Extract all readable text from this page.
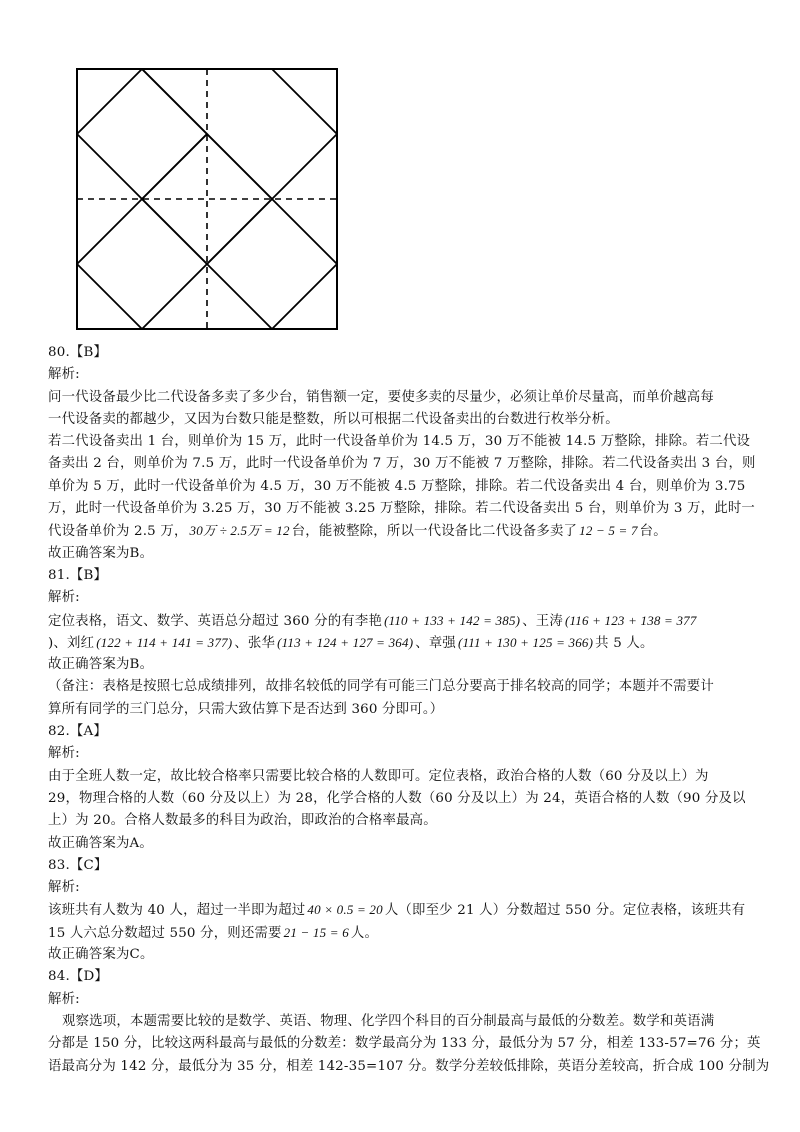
80.【B】
解析:
问一代设备最少比二代设备多卖了多少台，销售额一定，要使多卖的尽量少，必须让单价尽量高，而单价越高每
一代设备卖的都越少，又因为台数只能是整数，所以可根据二代设备卖出的台数进行枚举分析。
若二代设备卖出 1 台，则单价为 15 万，此时一代设备单价为 14.5 万，30 万不能被 14.5 万整除，排除。若二代设
备卖出 2 台，则单价为 7.5 万，此时一代设备单价为 7 万，30 万不能被 7 万整除，排除。若二代设备卖出 3 台，则
单价为 5 万，此时一代设备单价为 4.5 万，30 万不能被 4.5 万整除，排除。若二代设备卖出 4 台，则单价为 3.75
万，此时一代设备单价为 3.25 万，30 万不能被 3.25 万整除，排除。若二代设备卖出 5 台，则单价为 3 万，此时一
代设备单价为 2.5 万， 30万 ÷ 2.5万 = 12 台，能被整除，所以一代设备比二代设备多卖了 12 − 5 = 7 台。
故正确答案为B。
81.【B】
解析:
定位表格，语文、数学、英语总分超过 360 分的有李艳 (110 + 133 + 142 = 385) 、王涛 (116 + 123 + 138 = 377
)、刘红 (122 + 114 + 141 = 377) 、张华 (113 + 124 + 127 = 364) 、章强 (111 + 130 + 125 = 366) 共 5 人。
故正确答案为B。
（备注：表格是按照七总成绩排列，故排名较低的同学有可能三门总分要高于排名较高的同学；本题并不需要计
算所有同学的三门总分，只需大致估算下是否达到 360 分即可。）
82.【A】
解析:
由于全班人数一定，故比较合格率只需要比较合格的人数即可。定位表格，政治合格的人数（60 分及以上）为
29，物理合格的人数（60 分及以上）为 28，化学合格的人数（60 分及以上）为 24，英语合格的人数（90 分及以
上）为 20。合格人数最多的科目为政治，即政治的合格率最高。
故正确答案为A。
83.【C】
解析:
该班共有人数为 40 人，超过一半即为超过 40 × 0.5 = 20 人（即至少 21 人）分数超过 550 分。定位表格，该班共有
15 人六总分数超过 550 分，则还需要 21 − 15 = 6 人。
故正确答案为C。
84.【D】
解析:
观察选项，本题需要比较的是数学、英语、物理、化学四个科目的百分制最高与最低的分数差。数学和英语满
分都是 150 分，比较这两科最高与最低的分数差：数学最高分为 133 分，最低分为 57 分，相差 133-57=76 分；英
语最高分为 142 分，最低分为 35 分，相差 142-35=107 分。数学分差较低排除，英语分差较高，折合成 100 分制为
